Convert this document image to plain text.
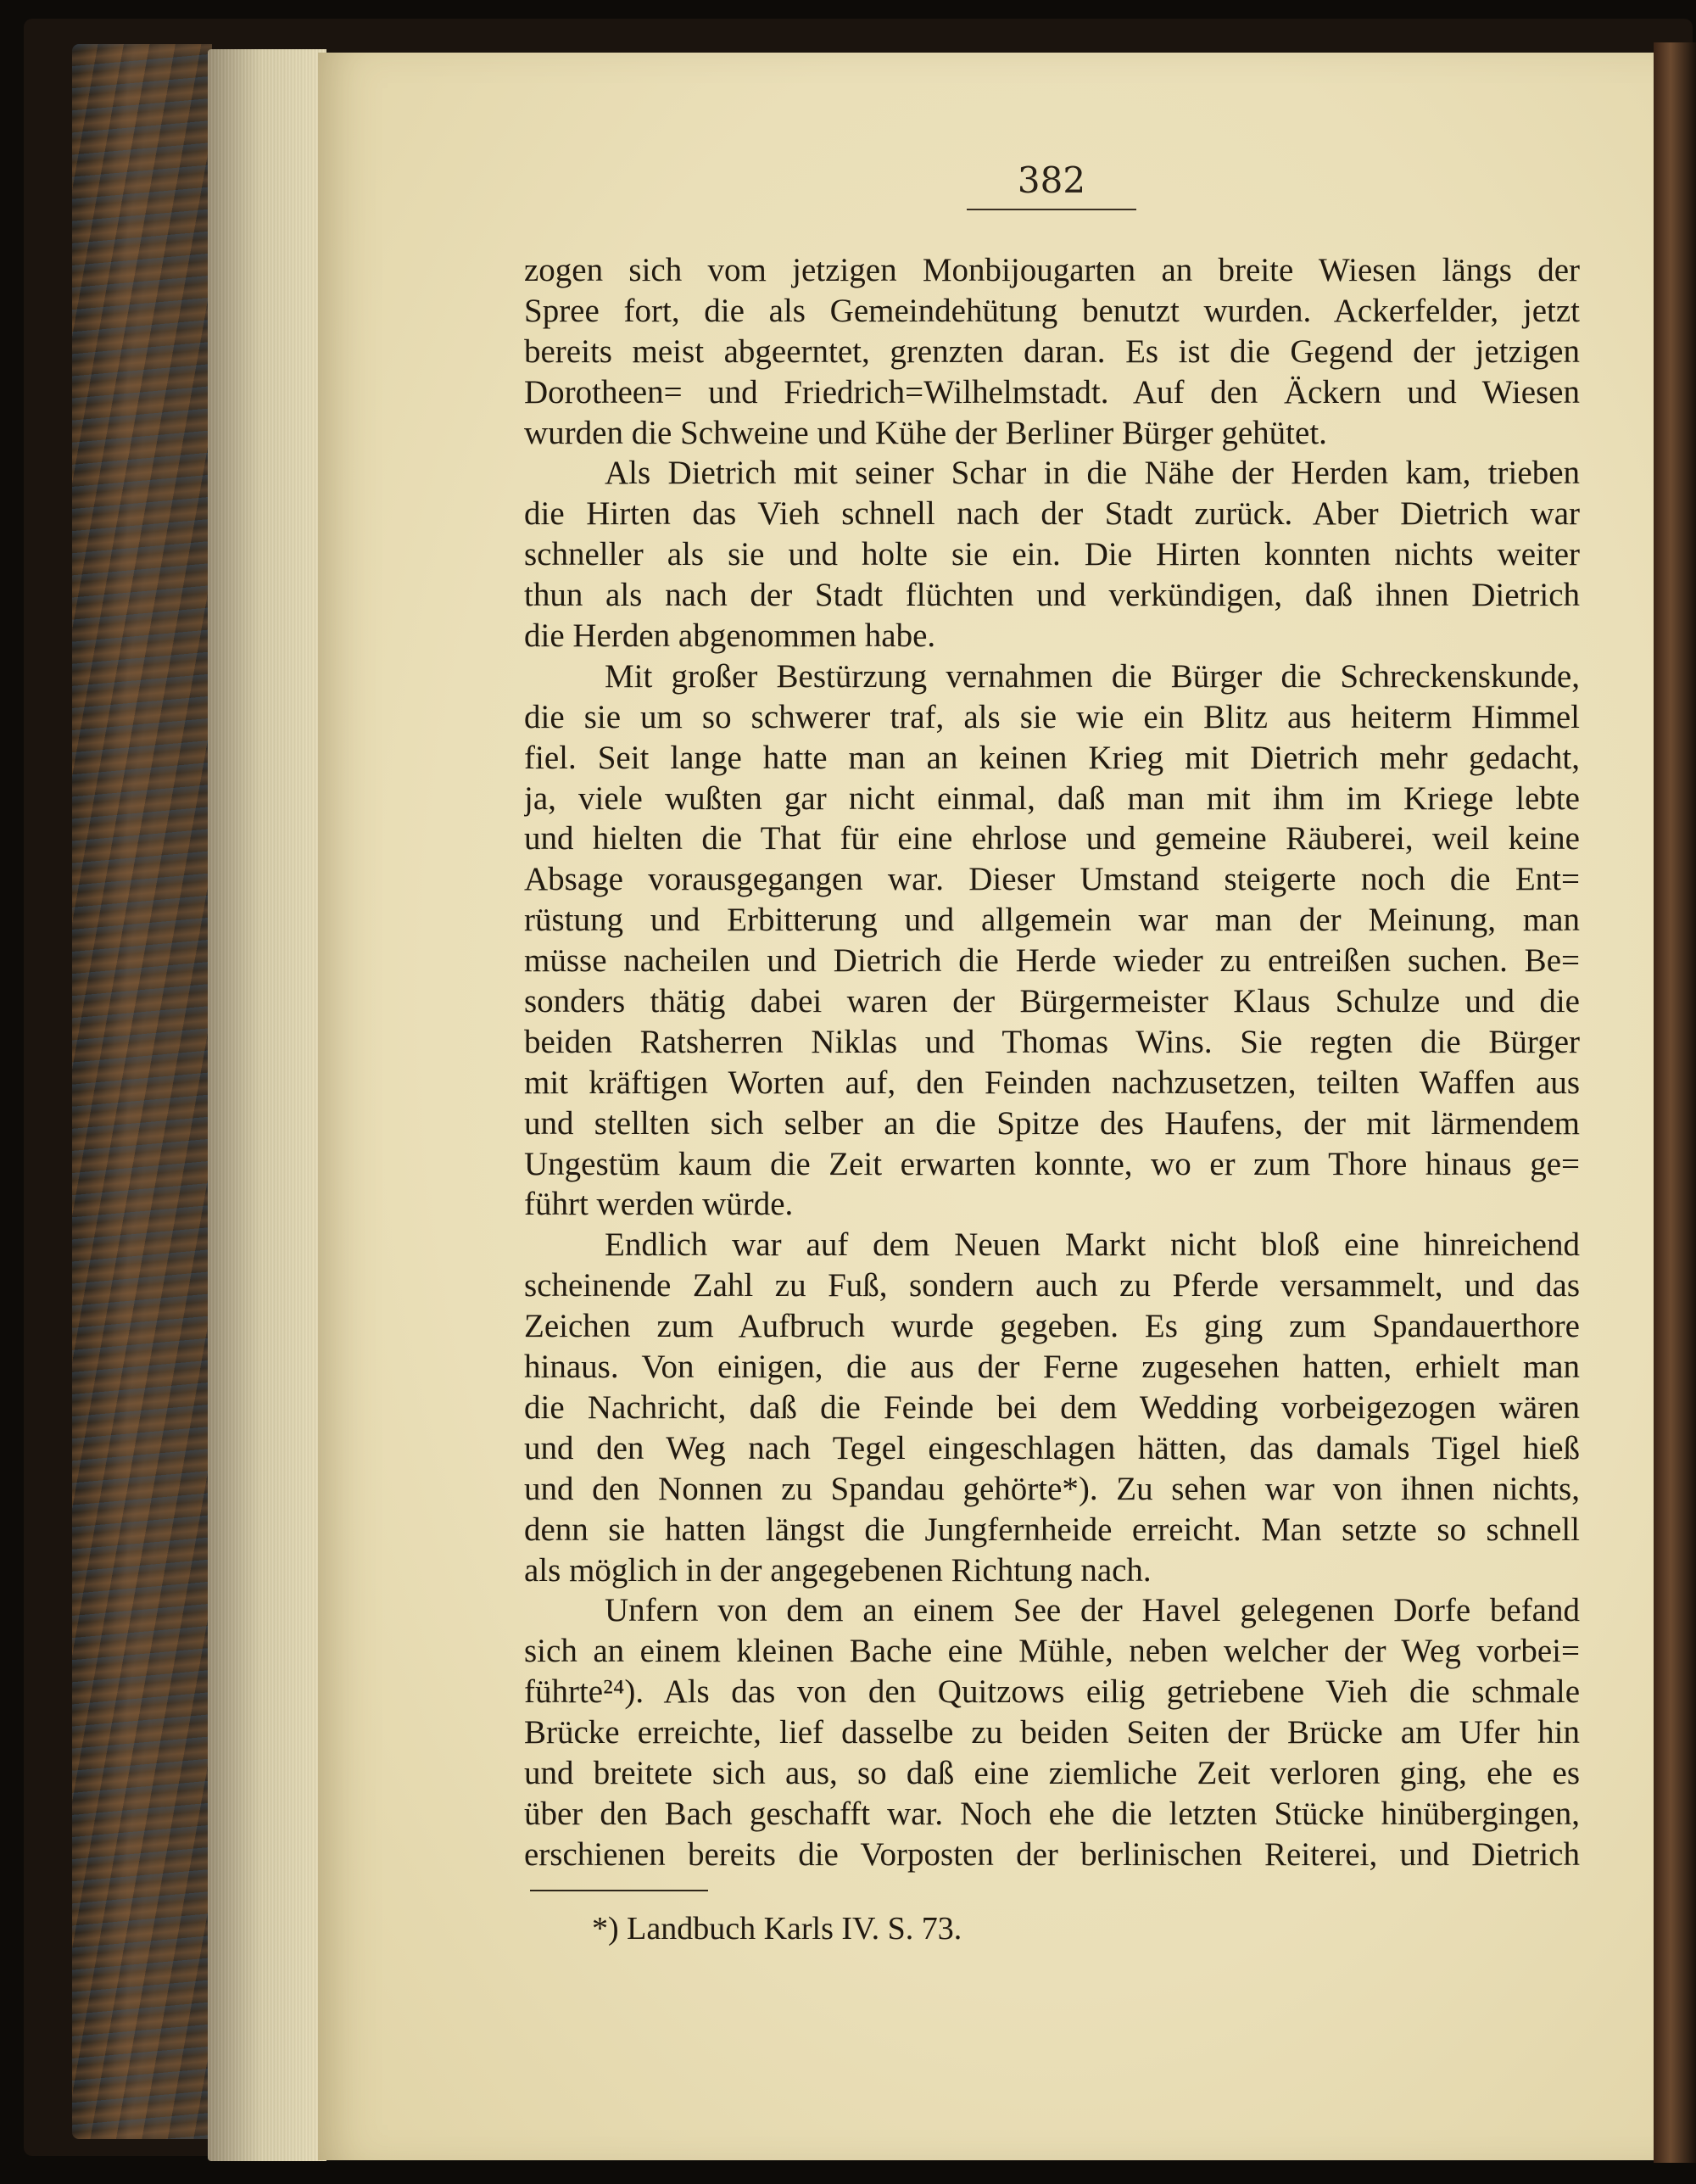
382
zogen sich vom jetzigen Monbijougarten an breite Wiesen längs der
Spree fort, die als Gemeindehütung benutzt wurden. Ackerfelder, jetzt
bereits meist abgeerntet, grenzten daran. Es ist die Gegend der jetzigen
Dorotheen= und Friedrich=Wilhelmstadt. Auf den Äckern und Wiesen
wurden die Schweine und Kühe der Berliner Bürger gehütet.
Als Dietrich mit seiner Schar in die Nähe der Herden kam, trieben
die Hirten das Vieh schnell nach der Stadt zurück. Aber Dietrich war
schneller als sie und holte sie ein. Die Hirten konnten nichts weiter
thun als nach der Stadt flüchten und verkündigen, daß ihnen Dietrich
die Herden abgenommen habe.
Mit großer Bestürzung vernahmen die Bürger die Schreckenskunde,
die sie um so schwerer traf, als sie wie ein Blitz aus heiterm Himmel
fiel. Seit lange hatte man an keinen Krieg mit Dietrich mehr gedacht,
ja, viele wußten gar nicht einmal, daß man mit ihm im Kriege lebte
und hielten die That für eine ehrlose und gemeine Räuberei, weil keine
Absage vorausgegangen war. Dieser Umstand steigerte noch die Ent=
rüstung und Erbitterung und allgemein war man der Meinung, man
müsse nacheilen und Dietrich die Herde wieder zu entreißen suchen. Be=
sonders thätig dabei waren der Bürgermeister Klaus Schulze und die
beiden Ratsherren Niklas und Thomas Wins. Sie regten die Bürger
mit kräftigen Worten auf, den Feinden nachzusetzen, teilten Waffen aus
und stellten sich selber an die Spitze des Haufens, der mit lärmendem
Ungestüm kaum die Zeit erwarten konnte, wo er zum Thore hinaus ge=
führt werden würde.
Endlich war auf dem Neuen Markt nicht bloß eine hinreichend
scheinende Zahl zu Fuß, sondern auch zu Pferde versammelt, und das
Zeichen zum Aufbruch wurde gegeben. Es ging zum Spandauerthore
hinaus. Von einigen, die aus der Ferne zugesehen hatten, erhielt man
die Nachricht, daß die Feinde bei dem Wedding vorbeigezogen wären
und den Weg nach Tegel eingeschlagen hätten, das damals Tigel hieß
und den Nonnen zu Spandau gehörte*). Zu sehen war von ihnen nichts,
denn sie hatten längst die Jungfernheide erreicht. Man setzte so schnell
als möglich in der angegebenen Richtung nach.
Unfern von dem an einem See der Havel gelegenen Dorfe befand
sich an einem kleinen Bache eine Mühle, neben welcher der Weg vorbei=
führte²⁴). Als das von den Quitzows eilig getriebene Vieh die schmale
Brücke erreichte, lief dasselbe zu beiden Seiten der Brücke am Ufer hin
und breitete sich aus, so daß eine ziemliche Zeit verloren ging, ehe es
über den Bach geschafft war. Noch ehe die letzten Stücke hinübergingen,
erschienen bereits die Vorposten der berlinischen Reiterei, und Dietrich
*) Landbuch Karls IV. S. 73.
